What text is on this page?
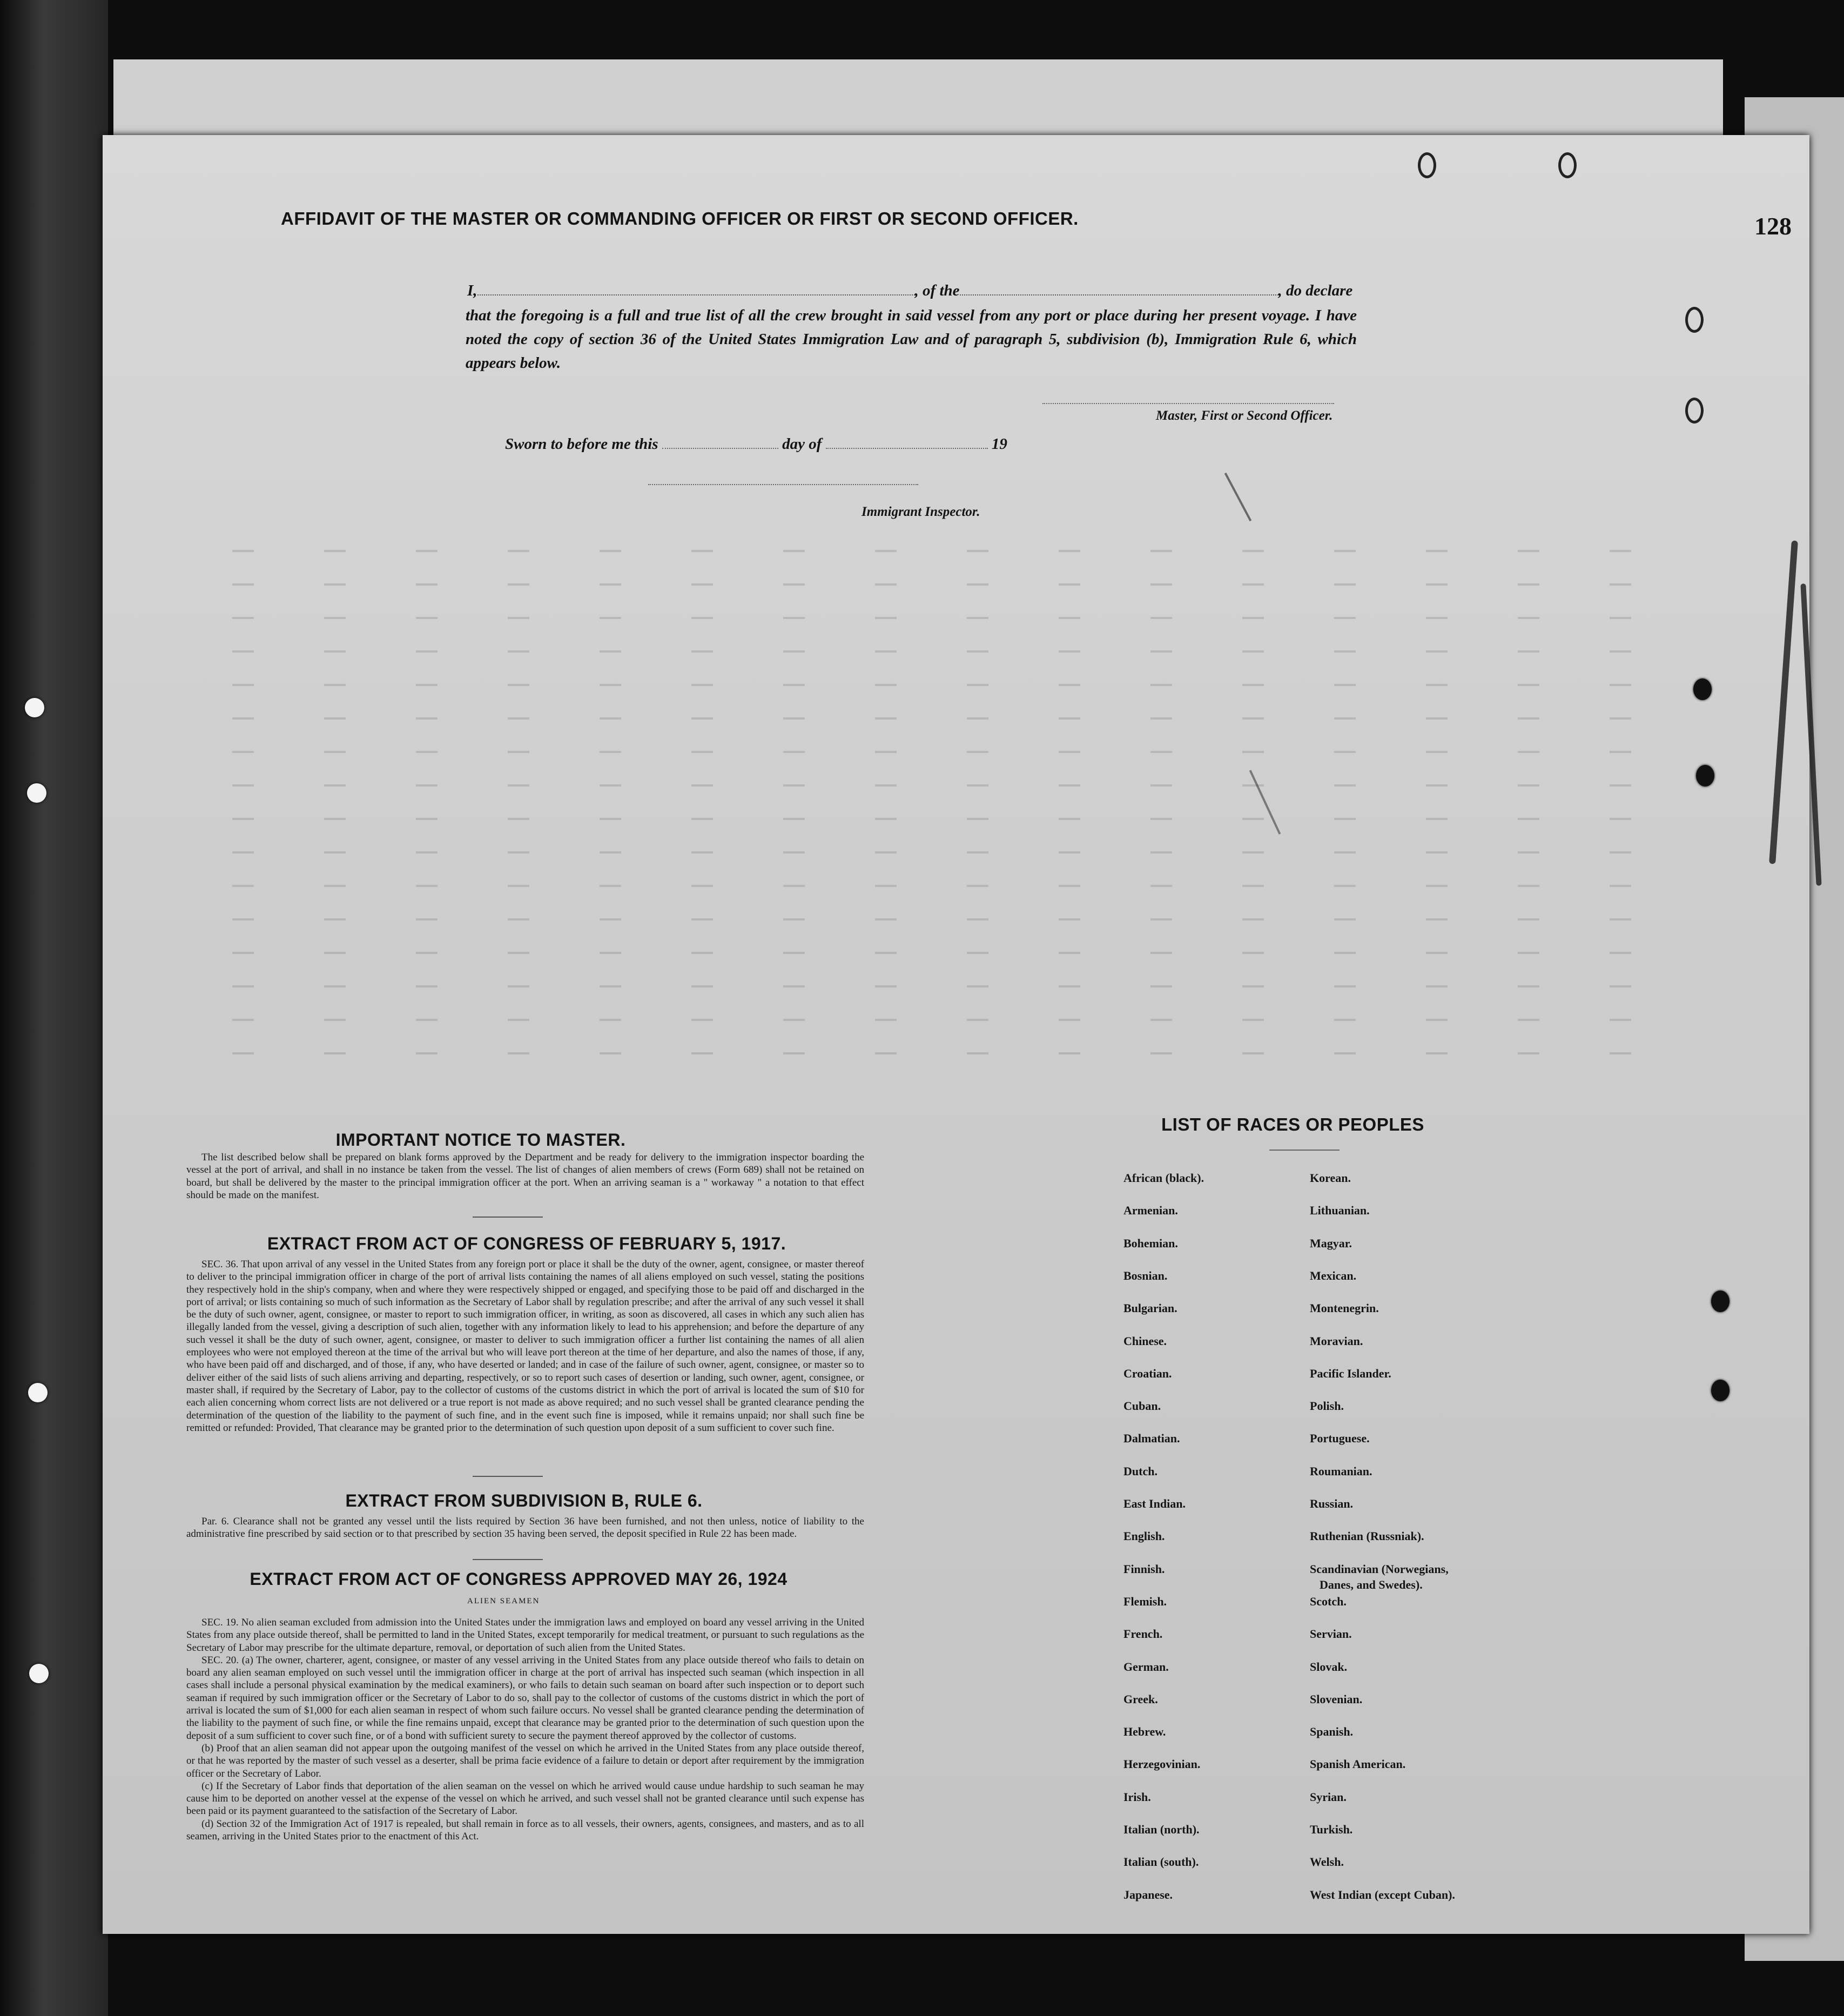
128
AFFIDAVIT OF THE MASTER OR COMMANDING OFFICER OR FIRST OR SECOND OFFICER.
I,	, of the	, do declare
that the foregoing is a full and true list of all the crew brought in said vessel from any port or place during her present voyage. I have noted the copy of section 36 of the United States Immigration Law and of paragraph 5, subdivision (b), Immigration Rule 6, which appears below.
Master, First or Second Officer.
Sworn to before me this	day of	19
Immigrant Inspector.
IMPORTANT NOTICE TO MASTER.

The list described below shall be prepared on blank forms approved by the Department and be ready for delivery to the immigration inspector boarding the vessel at the port of arrival, and shall in no instance be taken from the vessel. The list of changes of alien members of crews (Form 689) shall not be retained on board, but shall be delivered by the master to the principal immigration officer at the port. When an arriving seaman is a " workaway " a notation to that effect should be made on the manifest.

EXTRACT FROM ACT OF CONGRESS OF FEBRUARY 5, 1917.

SEC. 36. That upon arrival of any vessel in the United States from any foreign port or place it shall be the duty of the owner, agent, consignee, or master thereof to deliver to the principal immigration officer in charge of the port of arrival lists containing the names of all aliens employed on such vessel, stating the positions they respectively hold in the ship's company, when and where they were respectively shipped or engaged, and specifying those to be paid off and discharged in the port of arrival; or lists containing so much of such information as the Secretary of Labor shall by regulation prescribe; and after the arrival of any such vessel it shall be the duty of such owner, agent, consignee, or master to report to such immigration officer, in writing, as soon as discovered, all cases in which any such alien has illegally landed from the vessel, giving a description of such alien, together with any information likely to lead to his apprehension; and before the departure of any such vessel it shall be the duty of such owner, agent, consignee, or master to deliver to such immigration officer a further list containing the names of all alien employees who were not employed thereon at the time of the arrival but who will leave port thereon at the time of her departure, and also the names of those, if any, who have been paid off and discharged, and of those, if any, who have deserted or landed; and in case of the failure of such owner, agent, consignee, or master so to deliver either of the said lists of such aliens arriving and departing, respectively, or so to report such cases of desertion or landing, such owner, agent, consignee, or master shall, if required by the Secretary of Labor, pay to the collector of customs of the customs district in which the port of arrival is located the sum of $10 for each alien concerning whom correct lists are not delivered or a true report is not made as above required; and no such vessel shall be granted clearance pending the determination of the question of the liability to the payment of such fine, and in the event such fine is imposed, while it remains unpaid; nor shall such fine be remitted or refunded: Provided, That clearance may be granted prior to the determination of such question upon deposit of a sum sufficient to cover such fine.

EXTRACT FROM SUBDIVISION B, RULE 6.

Par. 6. Clearance shall not be granted any vessel until the lists required by Section 36 have been furnished, and not then unless, notice of liability to the administrative fine prescribed by said section or to that prescribed by section 35 having been served, the deposit specified in Rule 22 has been made.

EXTRACT FROM ACT OF CONGRESS APPROVED MAY 26, 1924
ALIEN SEAMEN

SEC. 19. No alien seaman excluded from admission into the United States under the immigration laws and employed on board any vessel arriving in the United States from any place outside thereof, shall be permitted to land in the United States, except temporarily for medical treatment, or pursuant to such regulations as the Secretary of Labor may prescribe for the ultimate departure, removal, or deportation of such alien from the United States.

SEC. 20. (a) The owner, charterer, agent, consignee, or master of any vessel arriving in the United States from any place outside thereof who fails to detain on board any alien seaman employed on such vessel until the immigration officer in charge at the port of arrival has inspected such seaman (which inspection in all cases shall include a personal physical examination by the medical examiners), or who fails to detain such seaman on board after such inspection or to deport such seaman if required by such immigration officer or the Secretary of Labor to do so, shall pay to the collector of customs of the customs district in which the port of arrival is located the sum of $1,000 for each alien seaman in respect of whom such failure occurs. No vessel shall be granted clearance pending the determination of the liability to the payment of such fine, or while the fine remains unpaid, except that clearance may be granted prior to the determination of such question upon the deposit of a sum sufficient to cover such fine, or of a bond with sufficient surety to secure the payment thereof approved by the collector of customs.

(b) Proof that an alien seaman did not appear upon the outgoing manifest of the vessel on which he arrived in the United States from any place outside thereof, or that he was reported by the master of such vessel as a deserter, shall be prima facie evidence of a failure to detain or deport after requirement by the immigration officer or the Secretary of Labor.

(c) If the Secretary of Labor finds that deportation of the alien seaman on the vessel on which he arrived would cause undue hardship to such seaman he may cause him to be deported on another vessel at the expense of the vessel on which he arrived, and such vessel shall not be granted clearance until such expense has been paid or its payment guaranteed to the satisfaction of the Secretary of Labor.

(d) Section 32 of the Immigration Act of 1917 is repealed, but shall remain in force as to all vessels, their owners, agents, consignees, and masters, and as to all seamen, arriving in the United States prior to the enactment of this Act.

LIST OF RACES OR PEOPLES
African (black).
Armenian.
Bohemian.
Bosnian.
Bulgarian.
Chinese.
Croatian.
Cuban.
Dalmatian.
Dutch.
East Indian.
English.
Finnish.
Flemish.
French.
German.
Greek.
Hebrew.
Herzegovinian.
Irish.
Italian (north).
Italian (south).
Japanese.
Korean.
Lithuanian.
Magyar.
Mexican.
Montenegrin.
Moravian.
Pacific Islander.
Polish.
Portuguese.
Roumanian.
Russian.
Ruthenian (Russniak).
Scandinavian (Norwegians,
Danes, and Swedes).
Scotch.
Servian.
Slovak.
Slovenian.
Spanish.
Spanish American.
Syrian.
Turkish.
Welsh.
West Indian (except Cuban).
